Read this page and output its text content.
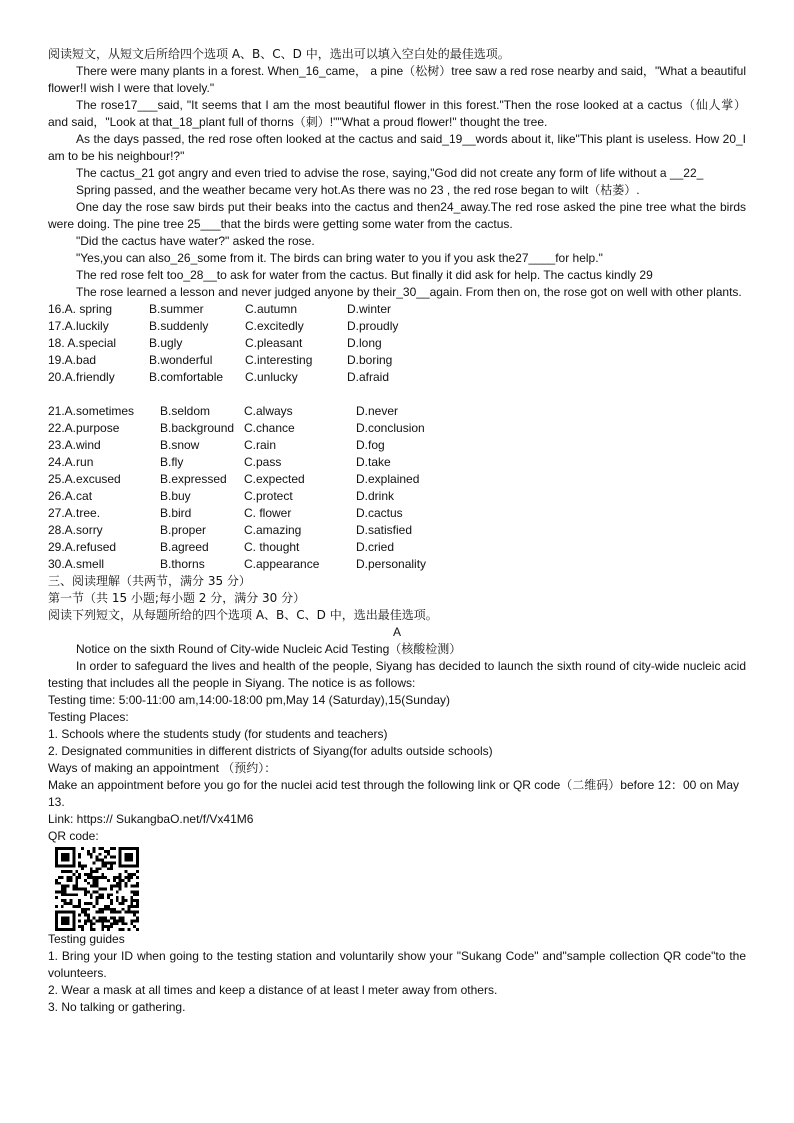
阅读短文，从短文后所给四个选项 A、B、C、D 中，选出可以填入空白处的最佳选项。

There were many plants in a forest. When_16_came， a pine（松树）tree saw a red rose nearby and said，"What a beautiful flower!I wish I were that lovely."

The rose17___said, "It seems that I am the most beautiful flower in this forest."Then the rose looked at a cactus（仙人掌）and said，"Look at that_18_plant full of thorns（刺）!""What a proud flower!" thought the tree.

As the days passed, the red rose often looked at the cactus and said_19__words about it, like"This plant is useless. How 20_I am to be his neighbour!?"

The cactus_21 got angry and even tried to advise the rose, saying,"God did not create any form of life without a __22_

Spring passed, and the weather became very hot.As there was no 23 , the red rose began to wilt（枯萎）.

One day the rose saw birds put their beaks into the cactus and then24_away.The red rose asked the pine tree what the birds were doing. The pine tree 25___that the birds were getting some water from the cactus.

"Did the cactus have water?" asked the rose.

"Yes,you can also_26_some from it. The birds can bring water to you if you ask the27____for help."

The red rose felt too_28__to ask for water from the cactus. But finally it did ask for help. The cactus kindly 29

The rose learned a lesson and never judged anyone by their_30__again. From then on, the rose got on well with other plants.

16.A. spring	B.summer	C.autumn	D.winter
17.A.luckily	B.suddenly	C.excitedly	D.proudly
18. A.special	B.ugly	C.pleasant	D.long
19.A.bad	B.wonderful	C.interesting	D.boring
20.A.friendly	B.comfortable	C.unlucky	D.afraid
21.A.sometimes	B.seldom	C.always	D.never
22.A.purpose	B.background C.chance	D.conclusion
23.A.wind	B.snow	C.rain	D.fog
24.A.run	B.fly	C.pass	D.take
25.A.excused	B.expressed	C.expected	D.explained
26.A.cat	B.buy	C.protect	D.drink
27.A.tree.	B.bird	C. flower	D.cactus
28.A.sorry	B.proper	C.amazing	D.satisfied
29.A.refused	B.agreed	C. thought	D.cried
30.A.smell	B.thorns	C.appearance	D.personality

三、阅读理解（共两节，满分 35 分）

第一节（共 15 小题;每小题 2 分，满分 30 分）

阅读下列短文，从每题所给的四个选项 A、B、C、D 中，选出最佳选项。

A

Notice on the sixth Round of City-wide Nucleic Acid Testing（核酸检测）

In order to safeguard the lives and health of the people, Siyang has decided to launch the sixth round of city-wide nucleic acid testing that includes all the people in Siyang. The notice is as follows:

Testing time: 5:00-11:00 am,14:00-18:00 pm,May 14 (Saturday),15(Sunday)

Testing Places:

1. Schools where the students study (for students and teachers)

2. Designated communities in different districts of Siyang(for adults outside schools)

Ways of making an appointment （预约）：

Make an appointment before you go for the nuclei acid test through the following link or QR code（二维码）before 12：00 on May 13.

Link: https:// SukangbaO.net/f/Vx41M6

QR code:

Testing guides

1. Bring your ID when going to the testing station and voluntarily show your "Sukang Code" and"sample collection QR code"to the volunteers.

2. Wear a mask at all times and keep a distance of at least l meter away from others.

3. No talking or gathering.
